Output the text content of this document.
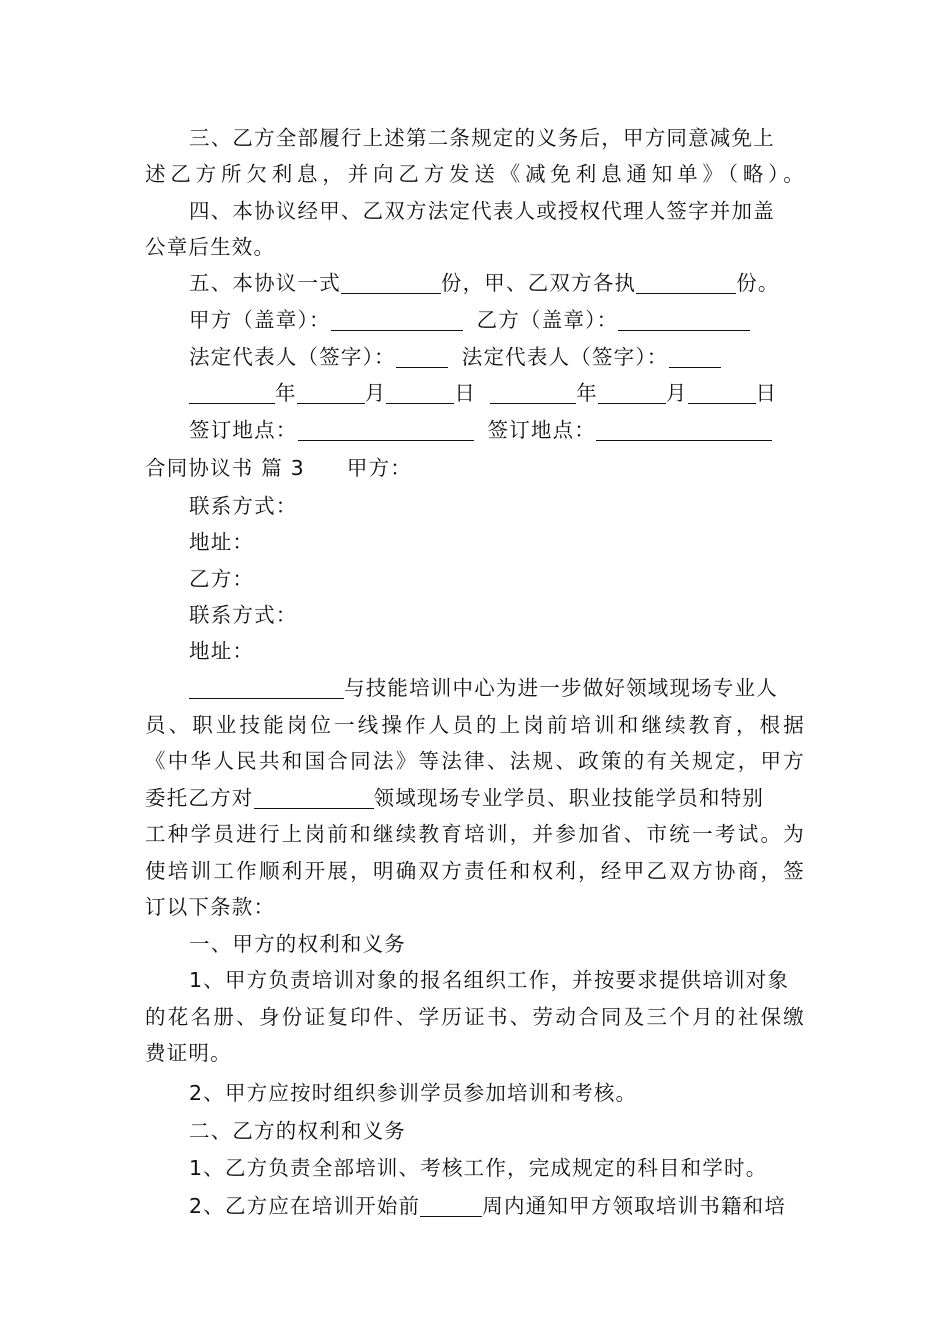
三、乙方全部履行上述第二条规定的义务后，甲方同意减免上
述乙方所欠利息，并向乙方发送《减免利息通知单》（略）。
四、本协议经甲、乙双方法定代表人或授权代理人签字并加盖
公章后生效。
五、本协议一式	份，甲、乙双方各执	份。
甲方（盖章）：	乙方（盖章）：
法定代表人（签字）：	法定代表人（签字）：
年	月	日	年	月	日
签订地点：	签订地点：
合同协议书 篇 3 甲方：
联系方式：
地址：
乙方：
联系方式：
地址：
与技能培训中心为进一步做好领域现场专业人
员、职业技能岗位一线操作人员的上岗前培训和继续教育，根据
《中华人民共和国合同法》等法律、法规、政策的有关规定，甲方
委托乙方对	领域现场专业学员、职业技能学员和特别
工种学员进行上岗前和继续教育培训，并参加省、市统一考试。为
使培训工作顺利开展，明确双方责任和权利，经甲乙双方协商，签
订以下条款：
一、甲方的权利和义务
1、甲方负责培训对象的报名组织工作，并按要求提供培训对象
的花名册、身份证复印件、学历证书、劳动合同及三个月的社保缴
费证明。
2、甲方应按时组织参训学员参加培训和考核。
二、乙方的权利和义务
1、乙方负责全部培训、考核工作，完成规定的科目和学时。
2、乙方应在培训开始前	周内通知甲方领取培训书籍和培
